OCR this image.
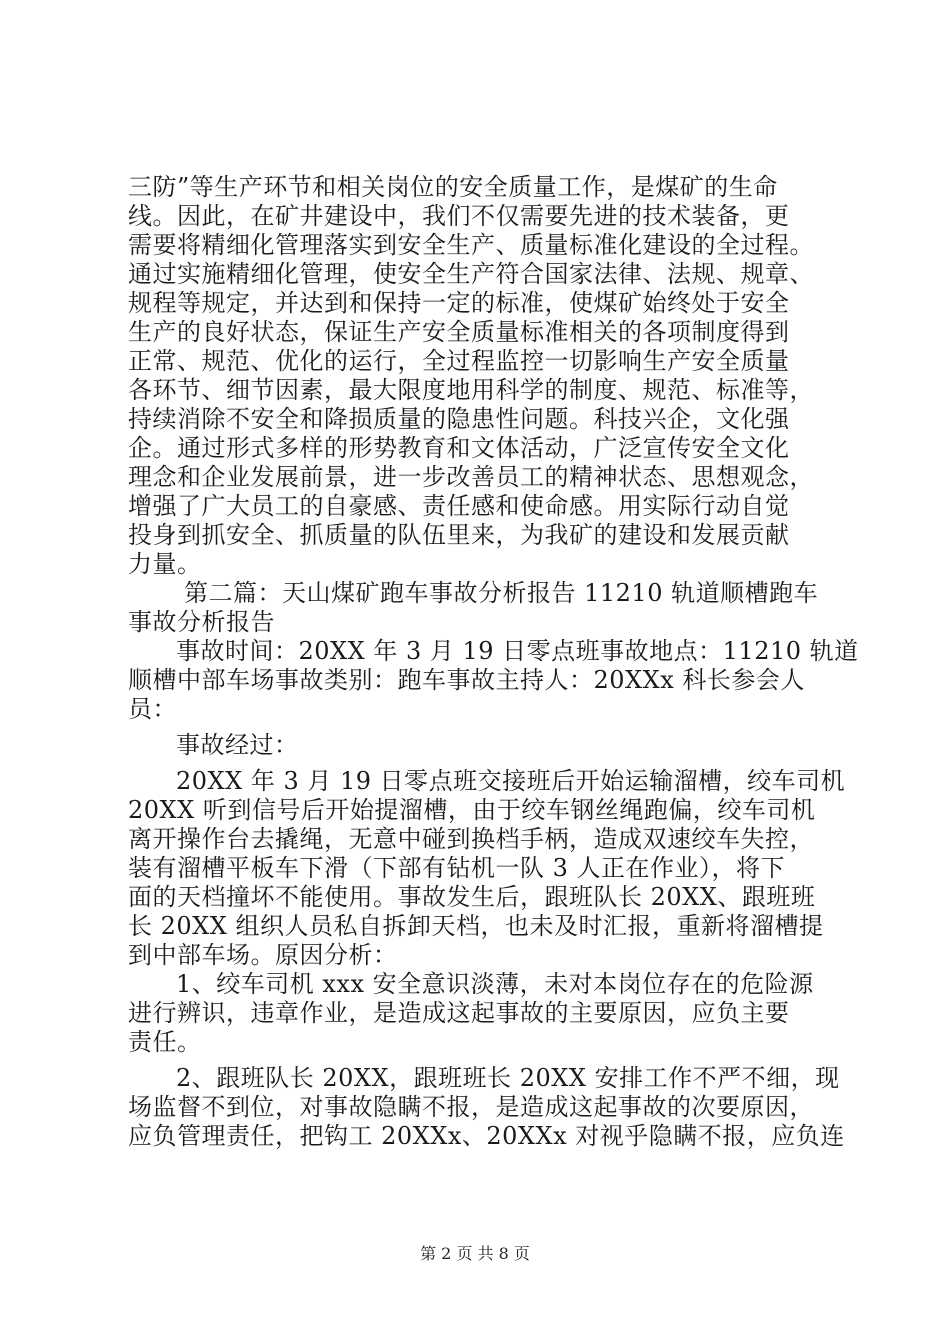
三防”等生产环节和相关岗位的安全质量工作，是煤矿的生命
线。因此，在矿井建设中，我们不仅需要先进的技术装备，更
需要将精细化管理落实到安全生产、质量标准化建设的全过程。
通过实施精细化管理，使安全生产符合国家法律、法规、规章、
规程等规定，并达到和保持一定的标准，使煤矿始终处于安全
生产的良好状态，保证生产安全质量标准相关的各项制度得到
正常、规范、优化的运行，全过程监控一切影响生产安全质量
各环节、细节因素，最大限度地用科学的制度、规范、标准等，
持续消除不安全和降损质量的隐患性问题。科技兴企，文化强
企。通过形式多样的形势教育和文体活动，广泛宣传安全文化
理念和企业发展前景，进一步改善员工的精神状态、思想观念，
增强了广大员工的自豪感、责任感和使命感。用实际行动自觉
投身到抓安全、抓质量的队伍里来，为我矿的建设和发展贡献
力量。
第二篇：天山煤矿跑车事故分析报告 11210 轨道顺槽跑车
事故分析报告
事故时间：20XX 年 3 月 19 日零点班事故地点：11210 轨道
顺槽中部车场事故类别：跑车事故主持人：20XXx 科长参会人
员：
事故经过：
20XX 年 3 月 19 日零点班交接班后开始运输溜槽，绞车司机
20XX 听到信号后开始提溜槽，由于绞车钢丝绳跑偏，绞车司机
离开操作台去撬绳，无意中碰到换档手柄，造成双速绞车失控，
装有溜槽平板车下滑（下部有钻机一队 3 人正在作业），将下
面的天档撞坏不能使用。事故发生后，跟班队长 20XX、跟班班
长 20XX 组织人员私自拆卸天档，也未及时汇报，重新将溜槽提
到中部车场。原因分析：
1、绞车司机 xxx 安全意识淡薄，未对本岗位存在的危险源
进行辨识，违章作业，是造成这起事故的主要原因，应负主要
责任。
2、跟班队长 20XX，跟班班长 20XX 安排工作不严不细，现
场监督不到位，对事故隐瞒不报，是造成这起事故的次要原因，
应负管理责任，把钩工 20XXx、20XXx 对视乎隐瞒不报，应负连
第 2 页 共 8 页
